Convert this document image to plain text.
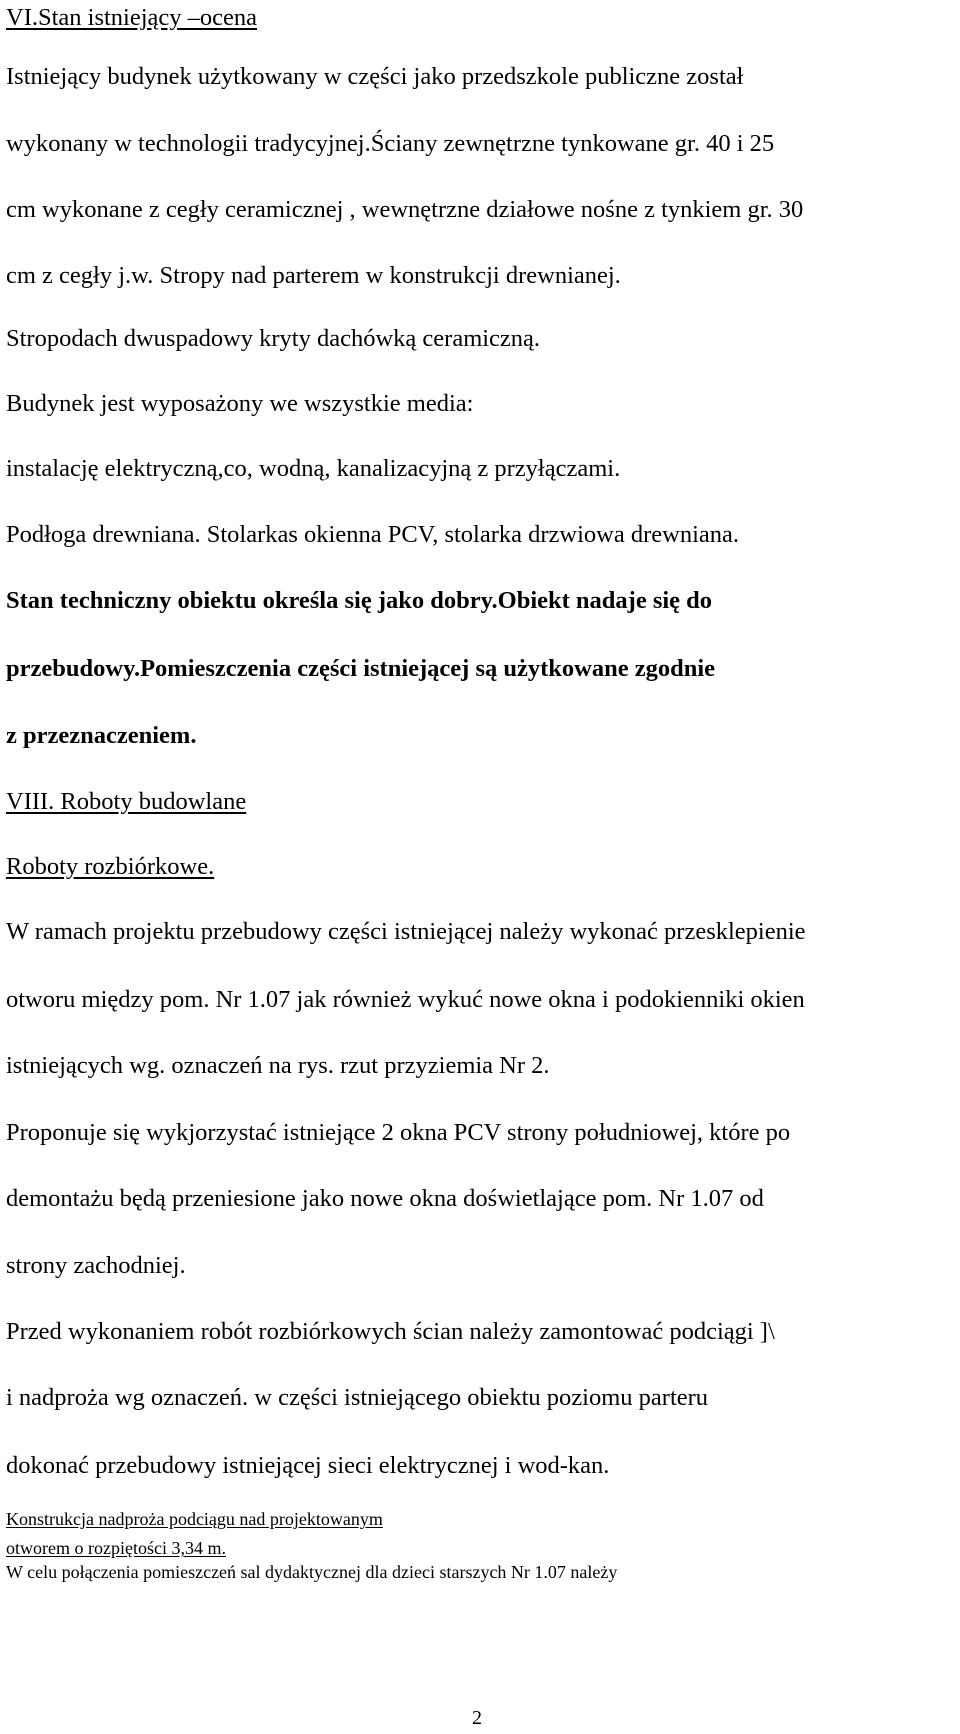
VI.Stan istniejący –ocena
Istniejący budynek użytkowany w części jako przedszkole publiczne został
wykonany w technologii tradycyjnej.Ściany zewnętrzne tynkowane gr. 40 i 25
cm wykonane z cegły ceramicznej , wewnętrzne działowe nośne z tynkiem gr. 30
cm z cegły j.w. Stropy nad parterem w konstrukcji drewnianej.
Stropodach dwuspadowy kryty dachówką ceramiczną.
Budynek jest wyposażony we wszystkie media:
instalację elektryczną,co, wodną, kanalizacyjną z przyłączami.
Podłoga drewniana. Stolarkas okienna PCV, stolarka drzwiowa drewniana.
Stan techniczny obiektu określa się jako dobry.Obiekt nadaje się do
przebudowy.Pomieszczenia części istniejącej są użytkowane zgodnie
z przeznaczeniem.
VIII. Roboty budowlane
Roboty rozbiórkowe.
W ramach projektu przebudowy części istniejącej należy wykonać przesklepienie
otworu między pom. Nr 1.07 jak również wykuć nowe okna i podokienniki okien
istniejących wg. oznaczeń na rys. rzut przyziemia Nr 2.
Proponuje się wykjorzystać istniejące 2 okna PCV strony południowej, które po
demontażu będą przeniesione jako nowe okna doświetlające pom. Nr 1.07 od
strony zachodniej.
Przed wykonaniem robót rozbiórkowych ścian należy zamontować podciągi ]\
i nadproża wg oznaczeń. w części istniejącego obiektu poziomu parteru
dokonać przebudowy istniejącej sieci elektrycznej i wod-kan.
Konstrukcja nadproża podciągu nad projektowanym
otworem o rozpiętości 3,34 m.
W celu połączenia pomieszczeń sal dydaktycznej dla dzieci starszych Nr 1.07 należy
2
